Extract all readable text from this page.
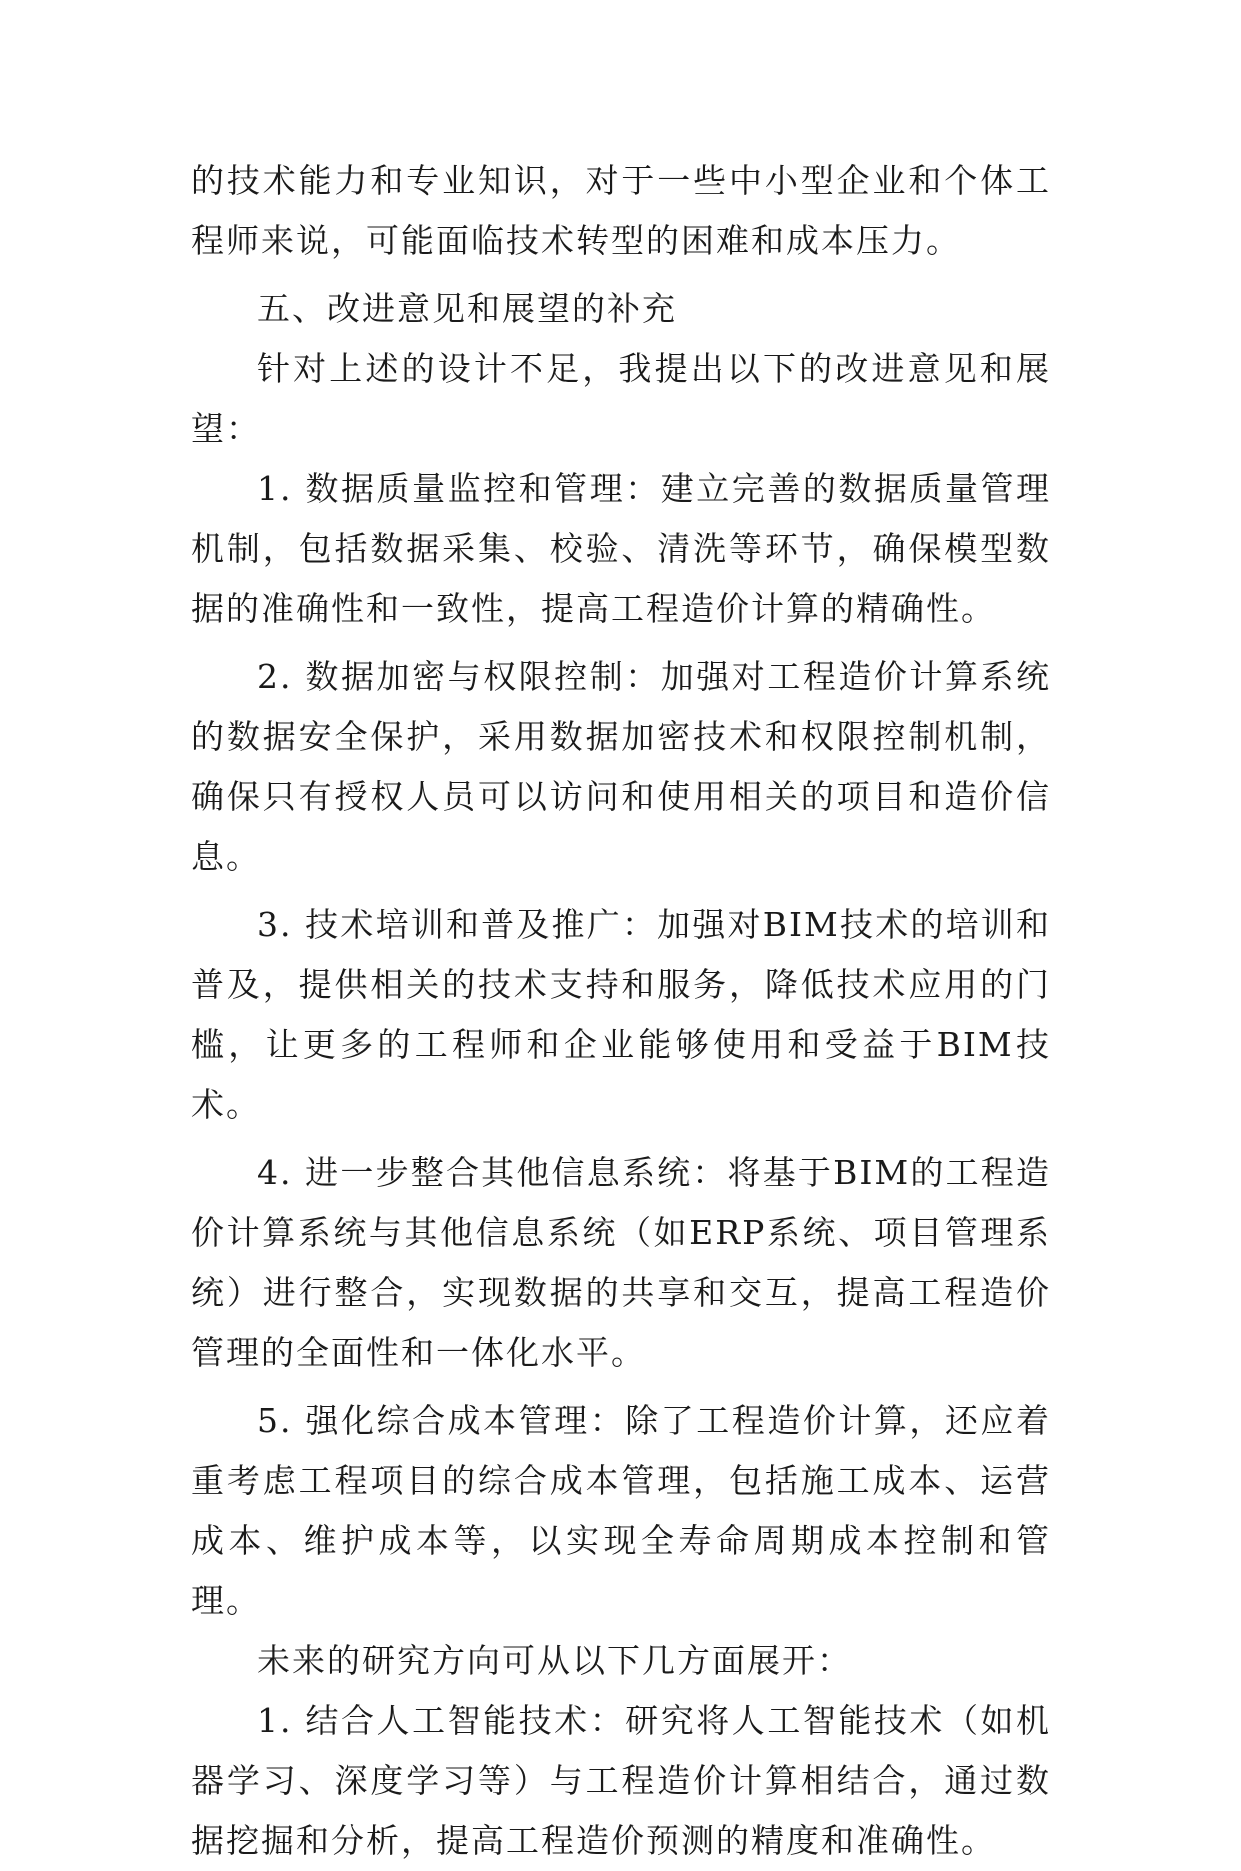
的技术能力和专业知识，对于一些中小型企业和个体工程师来说，可能面临技术转型的困难和成本压力。

五、改进意见和展望的补充

针对上述的设计不足，我提出以下的改进意见和展望：

1. 数据质量监控和管理：建立完善的数据质量管理机制，包括数据采集、校验、清洗等环节，确保模型数据的准确性和一致性，提高工程造价计算的精确性。

2. 数据加密与权限控制：加强对工程造价计算系统的数据安全保护，采用数据加密技术和权限控制机制，确保只有授权人员可以访问和使用相关的项目和造价信息。

3. 技术培训和普及推广：加强对BIM技术的培训和普及，提供相关的技术支持和服务，降低技术应用的门槛，让更多的工程师和企业能够使用和受益于BIM技术。

4. 进一步整合其他信息系统：将基于BIM的工程造价计算系统与其他信息系统（如ERP系统、项目管理系统）进行整合，实现数据的共享和交互，提高工程造价管理的全面性和一体化水平。

5. 强化综合成本管理：除了工程造价计算，还应着重考虑工程项目的综合成本管理，包括施工成本、运营成本、维护成本等，以实现全寿命周期成本控制和管理。

未来的研究方向可从以下几方面展开：

1. 结合人工智能技术：研究将人工智能技术（如机器学习、深度学习等）与工程造价计算相结合，通过数据挖掘和分析，提高工程造价预测的精度和准确性。
